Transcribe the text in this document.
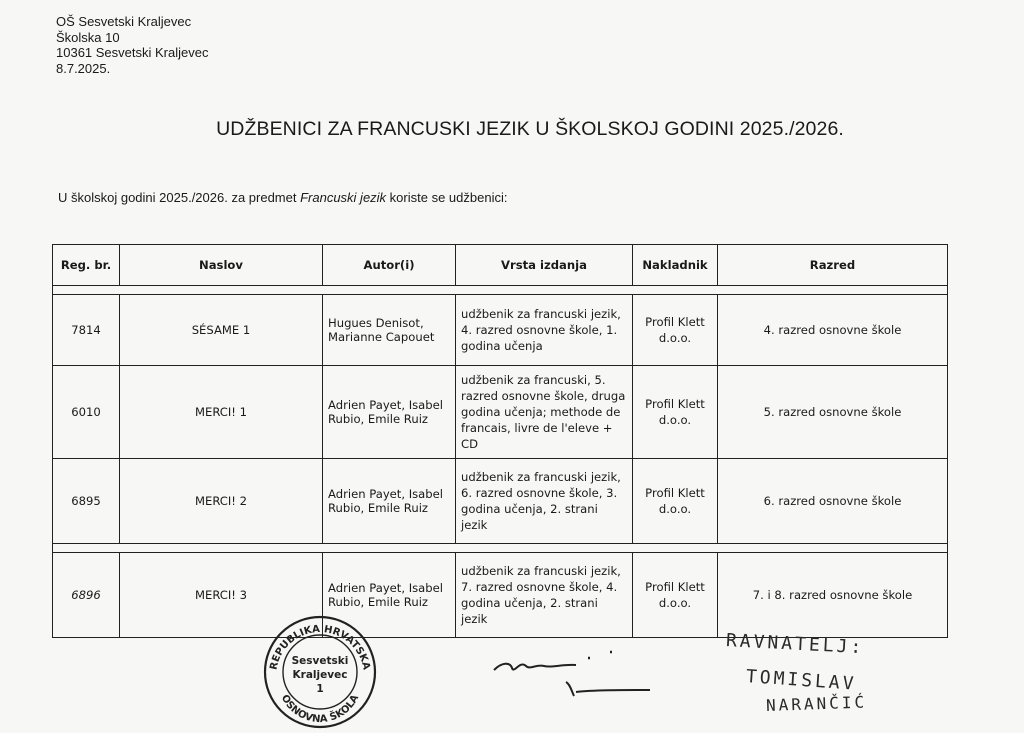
OŠ Sesvetski Kraljevec
Školska 10
10361 Sesvetski Kraljevec
8.7.2025.
UDŽBENICI ZA FRANCUSKI JEZIK U ŠKOLSKOJ GODINI 2025./2026.
U školskoj godini 2025./2026. za predmet Francuski jezik koriste se udžbenici:
Reg. br.	Naslov	Autor(i)	Vrsta izdanja	Nakladnik	Razred

7814	SÉSAME 1	Hugues Denisot, Marianne Capouet	udžbenik za francuski jezik, 4. razred osnovne škole, 1. godina učenja	Profil Klett d.o.o.	4. razred osnovne škole
6010	MERCI! 1	Adrien Payet, Isabel Rubio, Emile Ruiz	udžbenik za francuski, 5. razred osnovne škole, druga godina učenja; methode de francais, livre de l'eleve + CD	Profil Klett d.o.o.	5. razred osnovne škole
6895	MERCI! 2	Adrien Payet, Isabel Rubio, Emile Ruiz	udžbenik za francuski jezik, 6. razred osnovne škole, 3. godina učenja, 2. strani jezik	Profil Klett d.o.o.	6. razred osnovne škole

6896	MERCI! 3	Adrien Payet, Isabel Rubio, Emile Ruiz	udžbenik za francuski jezik, 7. razred osnovne škole, 4. godina učenja, 2. strani jezik	Profil Klett d.o.o.	7. i 8. razred osnovne škole
REPUBLIKA HRVATSKA
OSNOVNA ŠKOLA
Sesvetski
Kraljevec
1
RAVNATELJ:
TOMISLAV
NARANČIĆ
